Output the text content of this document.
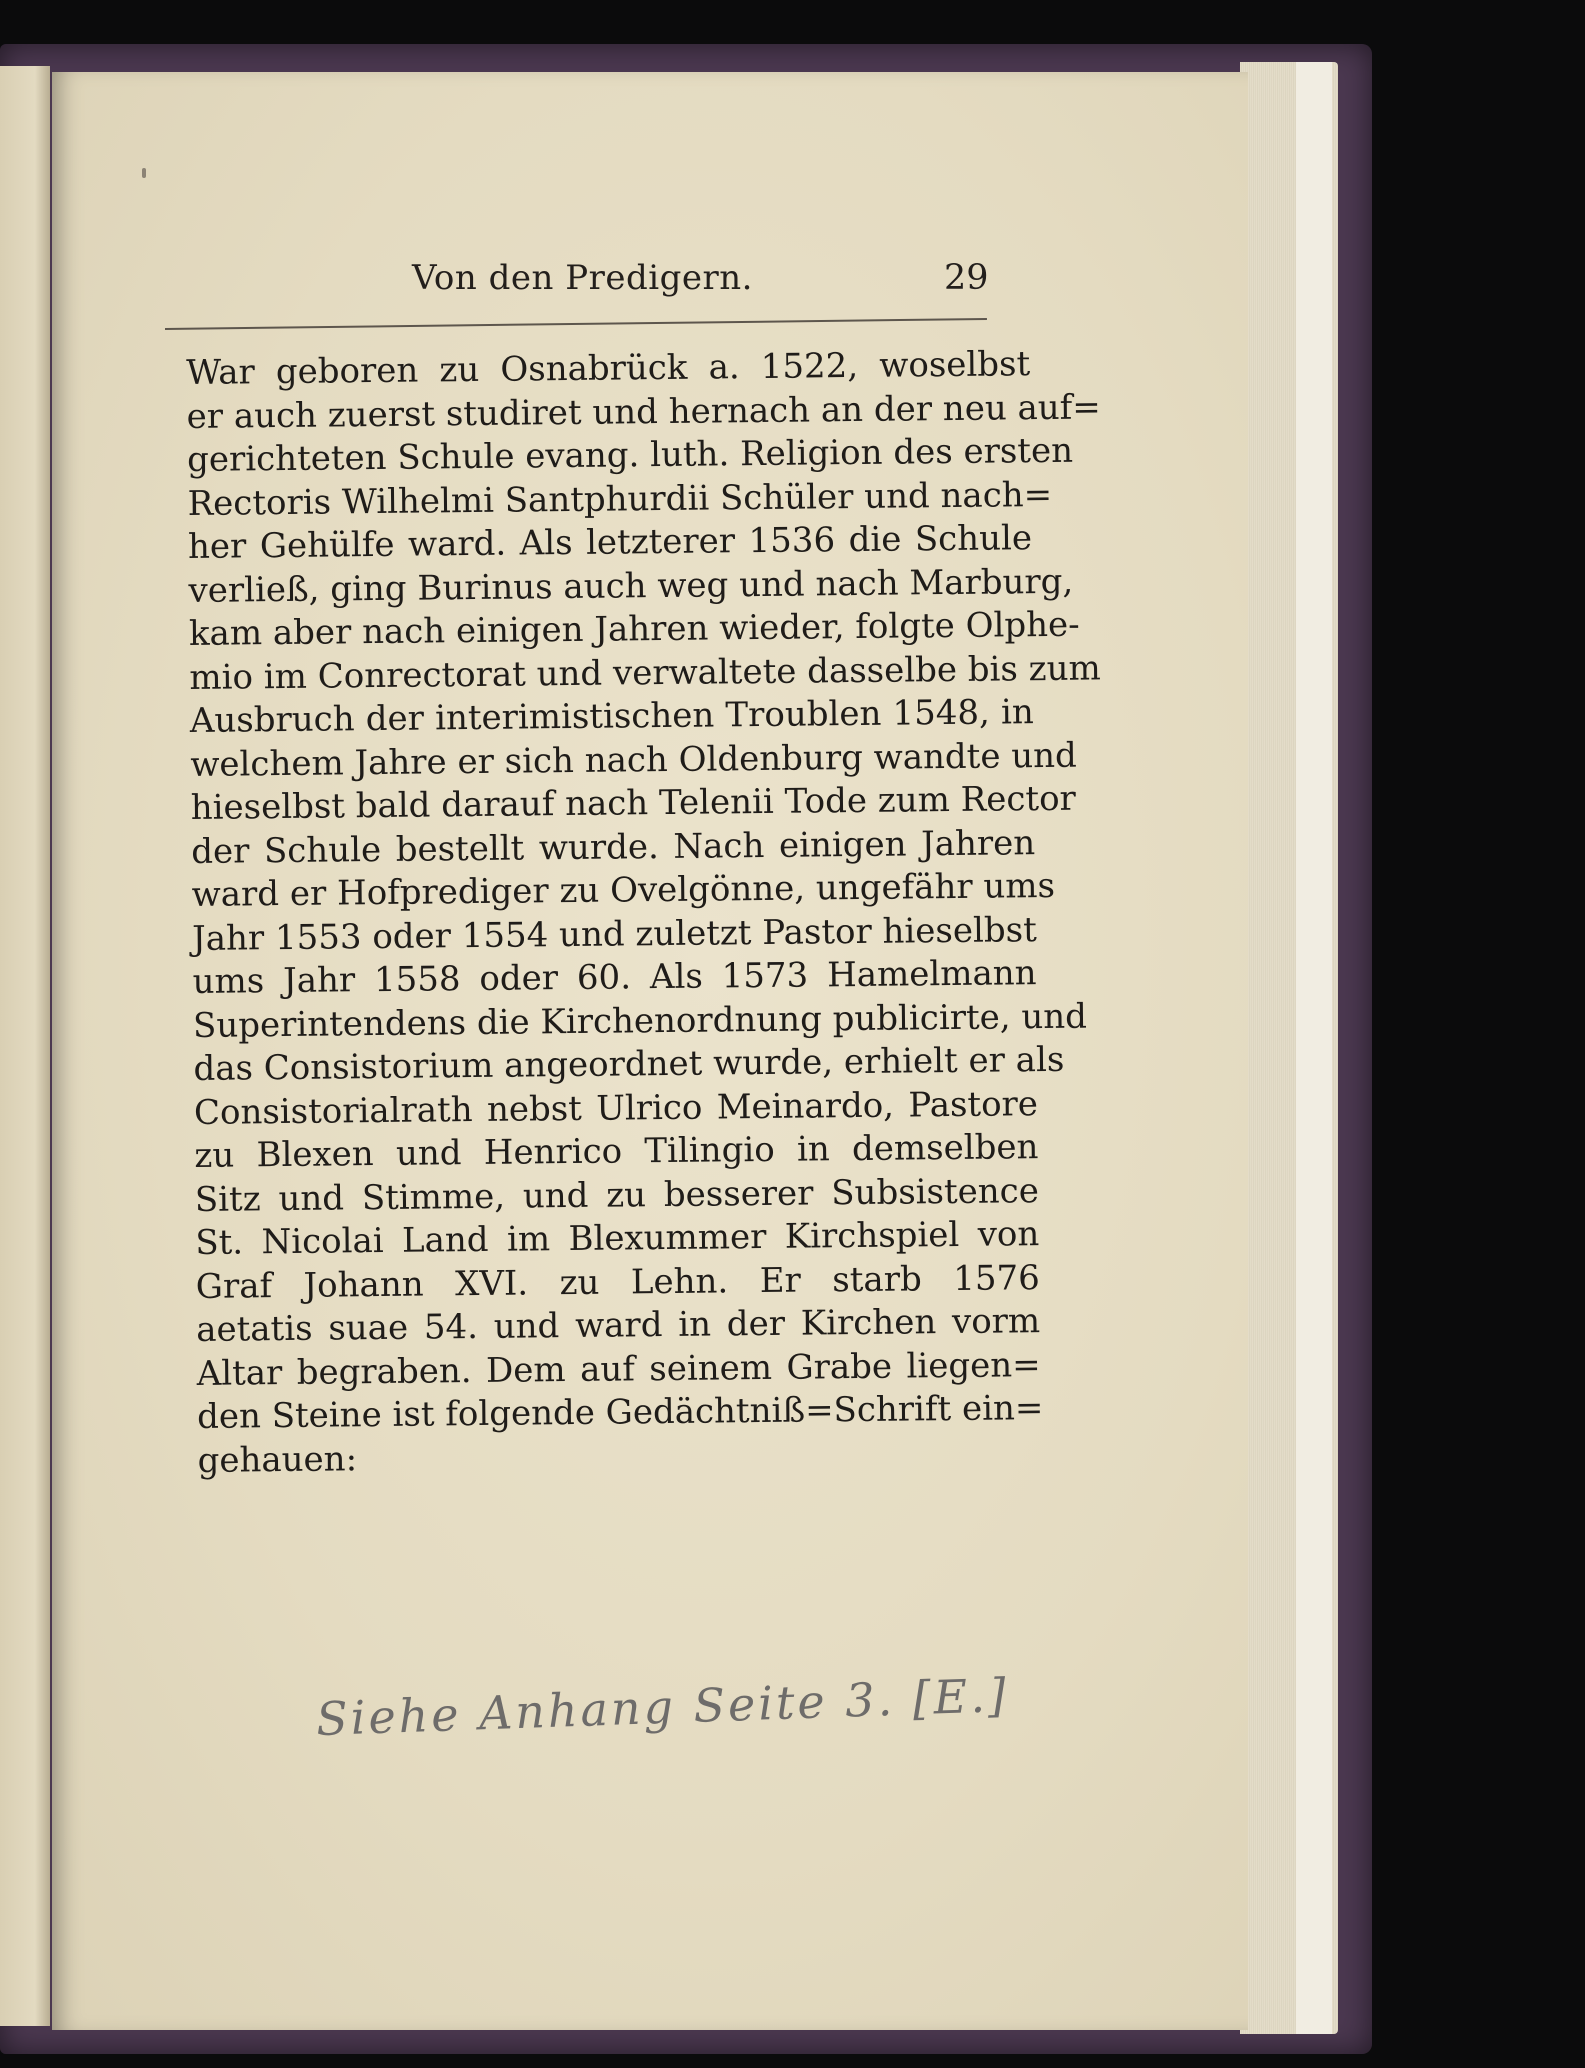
Von den Predigern.	29
War geboren zu Osnabrück a. 1522, woselbst
er auch zuerst studiret und hernach an der neu auf=
gerichteten Schule evang. luth. Religion des ersten
Rectoris Wilhelmi Santphurdii Schüler und nach=
her Gehülfe ward. Als letzterer 1536 die Schule
verließ, ging Burinus auch weg und nach Marburg,
kam aber nach einigen Jahren wieder, folgte Olphe-
mio im Conrectorat und verwaltete dasselbe bis zum
Ausbruch der interimistischen Troublen 1548, in
welchem Jahre er sich nach Oldenburg wandte und
hieselbst bald darauf nach Telenii Tode zum Rector
der Schule bestellt wurde. Nach einigen Jahren
ward er Hofprediger zu Ovelgönne, ungefähr ums
Jahr 1553 oder 1554 und zuletzt Pastor hieselbst
ums Jahr 1558 oder 60. Als 1573 Hamelmann
Superintendens die Kirchenordnung publicirte, und
das Consistorium angeordnet wurde, erhielt er als
Consistorialrath nebst Ulrico Meinardo, Pastore
zu Blexen und Henrico Tilingio in demselben
Sitz und Stimme, und zu besserer Subsistence
St. Nicolai Land im Blexummer Kirchspiel von
Graf Johann XVI. zu Lehn. Er starb 1576
aetatis suae 54. und ward in der Kirchen vorm
Altar begraben. Dem auf seinem Grabe liegen=
den Steine ist folgende Gedächtniß=Schrift ein=
gehauen:
Siehe Anhang Seite 3. [E.]
